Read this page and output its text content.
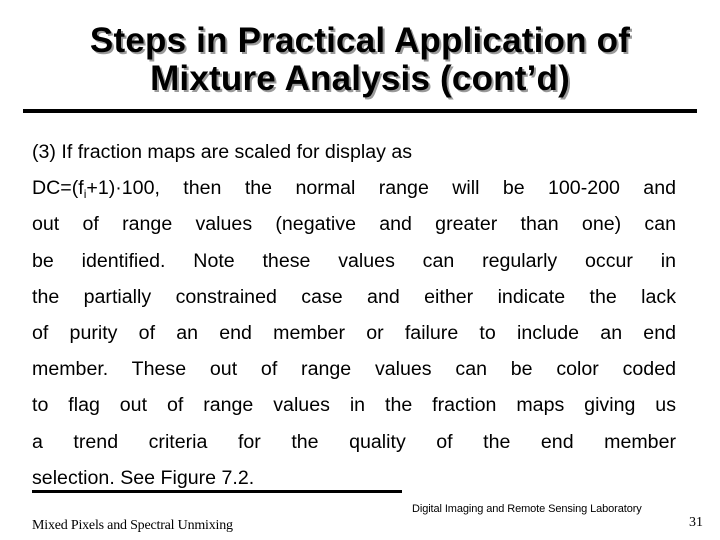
Steps in Practical Application of
Mixture Analysis (cont’d)
(3) If fraction maps are scaled for display as
$DC=(f_i+1)\cdot 100$, then the normal range will be 100-200 and
out of range values (negative and greater than one) can
be identified. Note these values can regularly occur in
the partially constrained case and either indicate the lack
of purity of an end member or failure to include an end
member. These out of range values can be color coded
to flag out of range values in the fraction maps giving us
a trend criteria for the quality of the end member
selection. See Figure 7.2.
Mixed Pixels and Spectral Unmixing
Digital Imaging and Remote Sensing Laboratory
31
